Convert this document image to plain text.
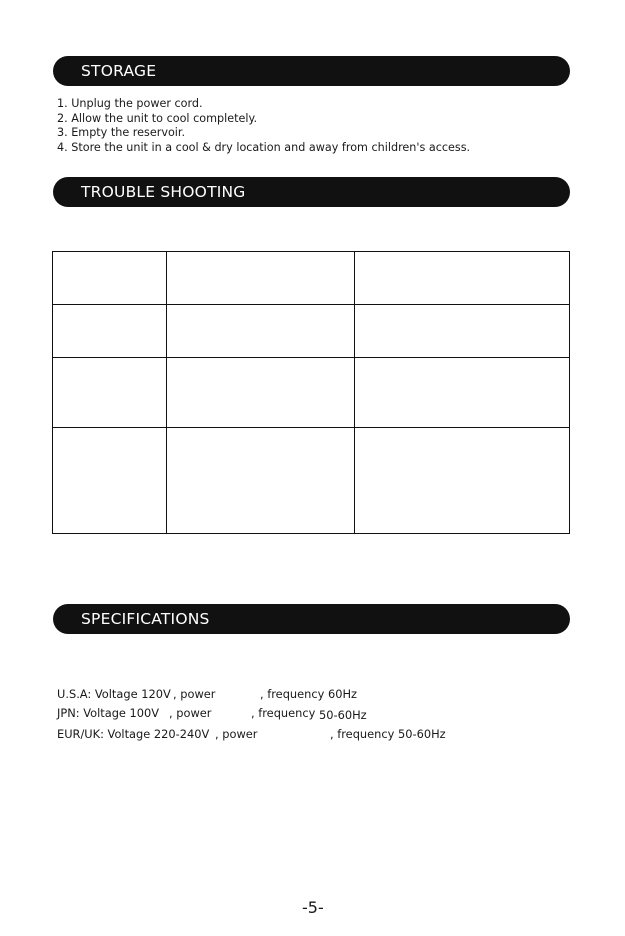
STORAGE
1. Unplug the power cord.
2. Allow the unit to cool completely.
3. Empty the reservoir.
4. Store the unit in a cool & dry location and away from children's access.
TROUBLE SHOOTING

SPECIFICATIONS
U.S.A: Voltage 120V , power	, frequency 60Hz
JPN: Voltage 100V , power	, frequency 50-60Hz
EUR/UK: Voltage 220-240V , power	, frequency 50-60Hz
-5-
